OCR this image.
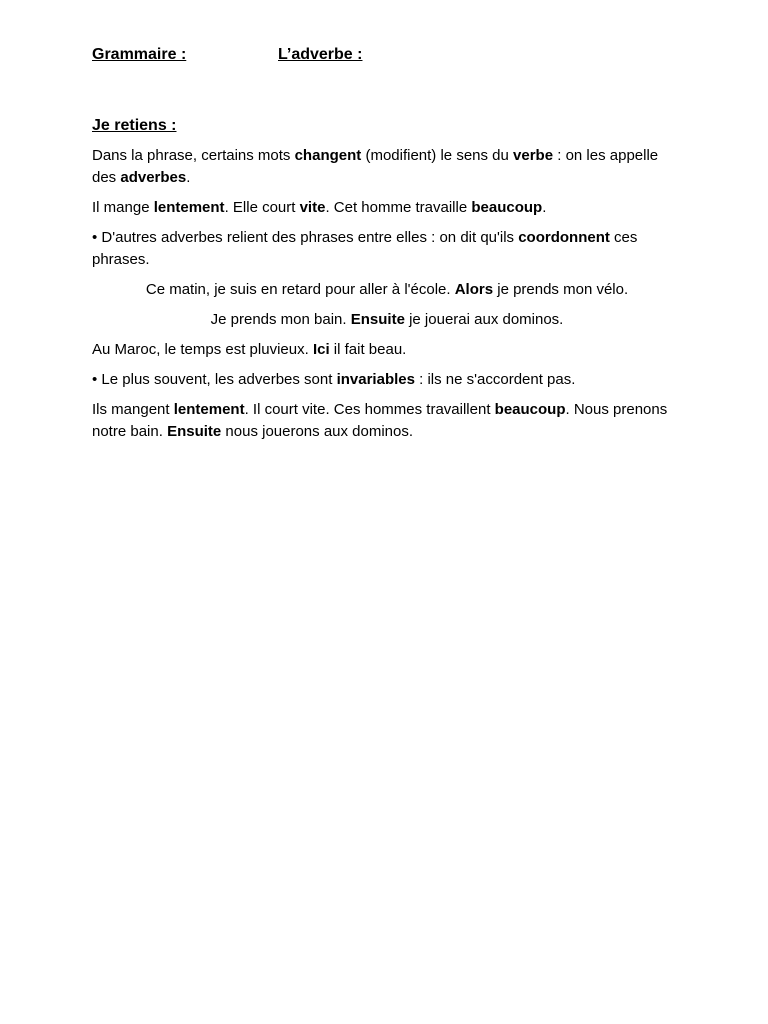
Grammaire :	L’adverbe :
Je retiens :

Dans la phrase, certains mots changent (modifient) le sens du verbe : on les appelle des adverbes.

Il mange lentement. Elle court vite. Cet homme travaille beaucoup.

• D'autres adverbes relient des phrases entre elles : on dit qu'ils coordonnent ces phrases.

Ce matin, je suis en retard pour aller à l'école. Alors je prends mon vélo.

Je prends mon bain. Ensuite je jouerai aux dominos.

Au Maroc, le temps est pluvieux. Ici il fait beau.

• Le plus souvent, les adverbes sont invariables : ils ne s'accordent pas.

Ils mangent lentement. Il court vite. Ces hommes travaillent beaucoup. Nous prenons notre bain. Ensuite nous jouerons aux dominos.
